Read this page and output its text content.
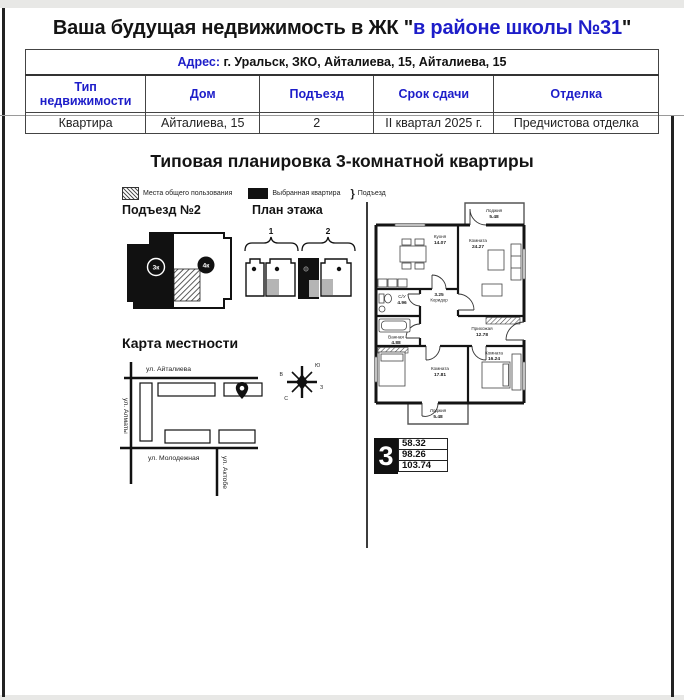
Ваша будущая недвижимость в ЖК "в районе школы №31"
Адрес: г. Уральск, ЗКО, Айталиева, 15, Айталиева, 15				
Тип недвижимости	Дом	Подъезд	Срок сдачи	Отделка
Квартира	Айталиева, 15	2	II квартал 2025 г.	Предчистова отделка
Типовая планировка 3-комнатной квартиры
Места общего пользования	Выбранная квартира } Подъезд
Подъезд №2	План этажа
3к	4к
1	2
Карта местности
ул. Айталиева
ул. Молодежная
ул. Алматы
ул. Актобе
В
Ю
З
С
Лоджия
5.48
Кухня
14.07
Комната
24.27
3.25
Коридор
С/У
4.96
Ванная
4.88
Прихожая
12.78
Комната
17.81
Комната
16.24
Лоджия
5.48
3 58.32
98.26
103.74
